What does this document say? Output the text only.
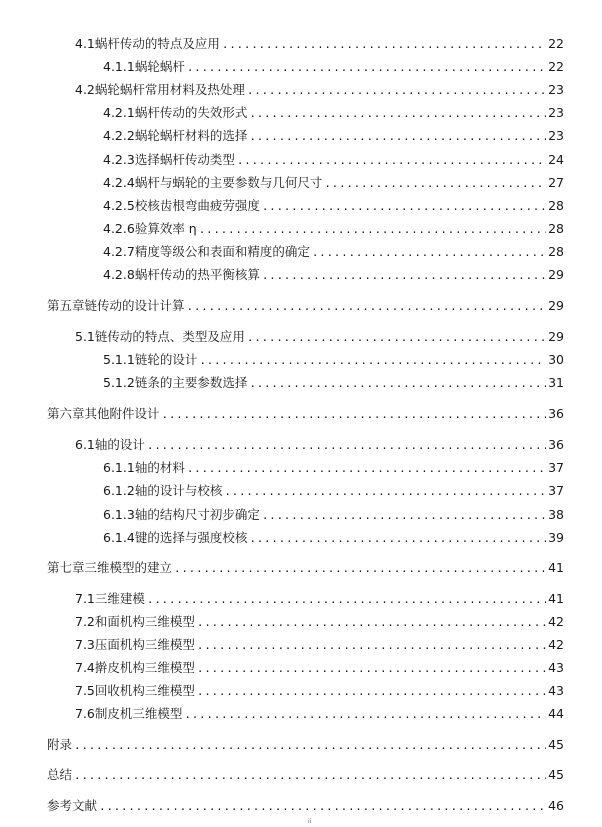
4.1 蜗杆传动的特点及应用 .....	22
4.1.1 蜗轮蜗杆 .....	22
4.2 蜗轮蜗杆常用材料及热处理 .....	23
4.2.1 蜗杆传动的失效形式 .....	23
4.2.2 蜗轮蜗杆材料的选择 .....	23
4.2.3 选择蜗杆传动类型 .....	24
4.2.4 蜗杆与蜗轮的主要参数与几何尺寸 .....	27
4.2.5 校核齿根弯曲疲劳强度 .....	28
4.2.6 验算效率 η .....	28
4.2.7 精度等级公和表面和精度的确定 .....	28
4.2.8 蜗杆传动的热平衡核算 .....	29
第五章 链传动的设计计算 .....	29
5.1 链传动的特点、类型及应用 .....	29
5.1.1 链轮的设计 .....	30
5.1.2 链条的主要参数选择 .....	31
第六章 其他附件设计 .....	36
6.1 轴的设计 .....	36
6.1.1 轴的材料 .....	37
6.1.2 轴的设计与校核 .....	37
6.1.3 轴的结构尺寸初步确定 .....	38
6.1.4 键的选择与强度校核 .....	39
第七章 三维模型的建立 .....	41
7.1 三维建模 .....	41
7.2 和面机构三维模型 .....	42
7.3 压面机构三维模型 .....	42
7.4 擀皮机构三维模型 .....	43
7.5 回收机构三维模型 .....	43
7.6 制皮机三维模型 .....	44
附录 .....	45
总结 .....	45
参考文献 .....	46
ii
